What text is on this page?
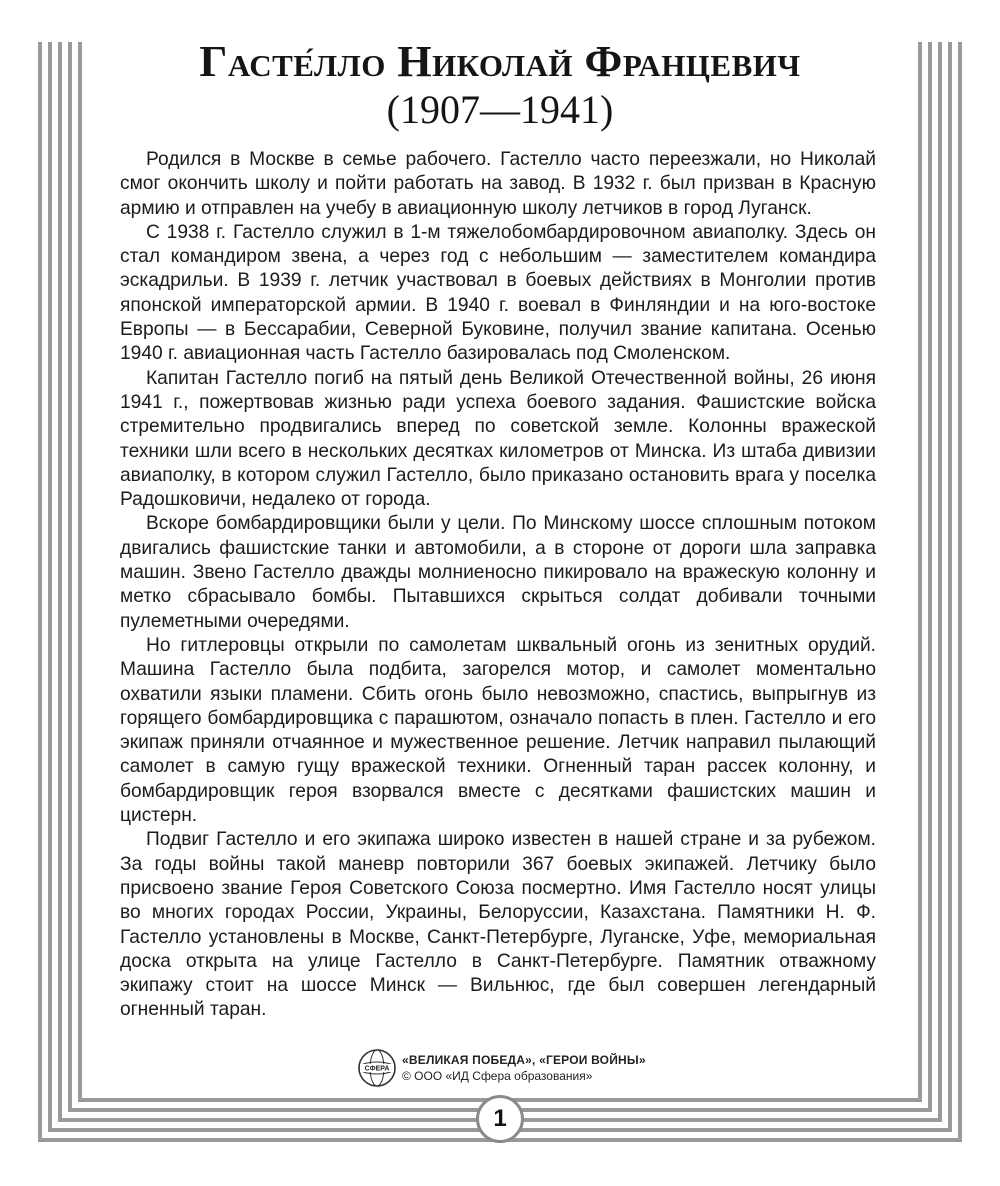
Гасте́лло Николай Францевич
(1907—1941)

Родился в Москве в семье рабочего. Гастелло часто переезжали, но Николай смог окончить школу и пойти работать на завод. В 1932 г. был призван в Красную армию и отправлен на учебу в авиационную школу летчиков в город Луганск.

С 1938 г. Гастелло служил в 1-м тяжелобомбардировочном авиаполку. Здесь он стал командиром звена, а через год с небольшим — заместителем командира эскадрильи. В 1939 г. летчик участвовал в боевых действиях в Монголии против японской императорской армии. В 1940 г. воевал в Финляндии и на юго-востоке Европы — в Бессарабии, Северной Буковине, получил звание капитана. Осенью 1940 г. авиационная часть Гастелло базировалась под Смоленском.

Капитан Гастелло погиб на пятый день Великой Отечественной войны, 26 июня 1941 г., пожертвовав жизнью ради успеха боевого задания. Фашистские войска стремительно продвигались вперед по советской земле. Колонны вражеской техники шли всего в нескольких десятках километров от Минска. Из штаба дивизии авиаполку, в котором служил Гастелло, было приказано остановить врага у поселка Радошковичи, недалеко от города.

Вскоре бомбардировщики были у цели. По Минскому шоссе сплошным потоком двигались фашистские танки и автомобили, а в стороне от дороги шла заправка машин. Звено Гастелло дважды молниеносно пикировало на вражескую колонну и метко сбрасывало бомбы. Пытавшихся скрыться солдат добивали точными пулеметными очередями.

Но гитлеровцы открыли по самолетам шквальный огонь из зенитных орудий. Машина Гастелло была подбита, загорелся мотор, и самолет моментально охватили языки пламени. Сбить огонь было невозможно, спастись, выпрыгнув из горящего бомбардировщика с парашютом, означало попасть в плен. Гастелло и его экипаж приняли отчаянное и мужественное решение. Летчик направил пылающий самолет в самую гущу вражеской техники. Огненный таран рассек колонну, и бомбардировщик героя взорвался вместе с десятками фашистских машин и цистерн.

Подвиг Гастелло и его экипажа широко известен в нашей стране и за рубежом. За годы войны такой маневр повторили 367 боевых экипажей. Летчику было присвоено звание Героя Советского Союза посмертно. Имя Гастелло носят улицы во многих городах России, Украины, Белоруссии, Казахстана. Памятники Н. Ф. Гастелло установлены в Москве, Санкт-Петербурге, Луганске, Уфе, мемориальная доска открыта на улице Гастелло в Санкт-Петербурге. Памятник отважному экипажу стоит на шоссе Минск — Вильнюс, где был совершен легендарный огненный таран.

СФЕРА
«ВЕЛИКАЯ ПОБЕДА», «ГЕРОИ ВОЙНЫ»
© ООО «ИД Сфера образования»
1
